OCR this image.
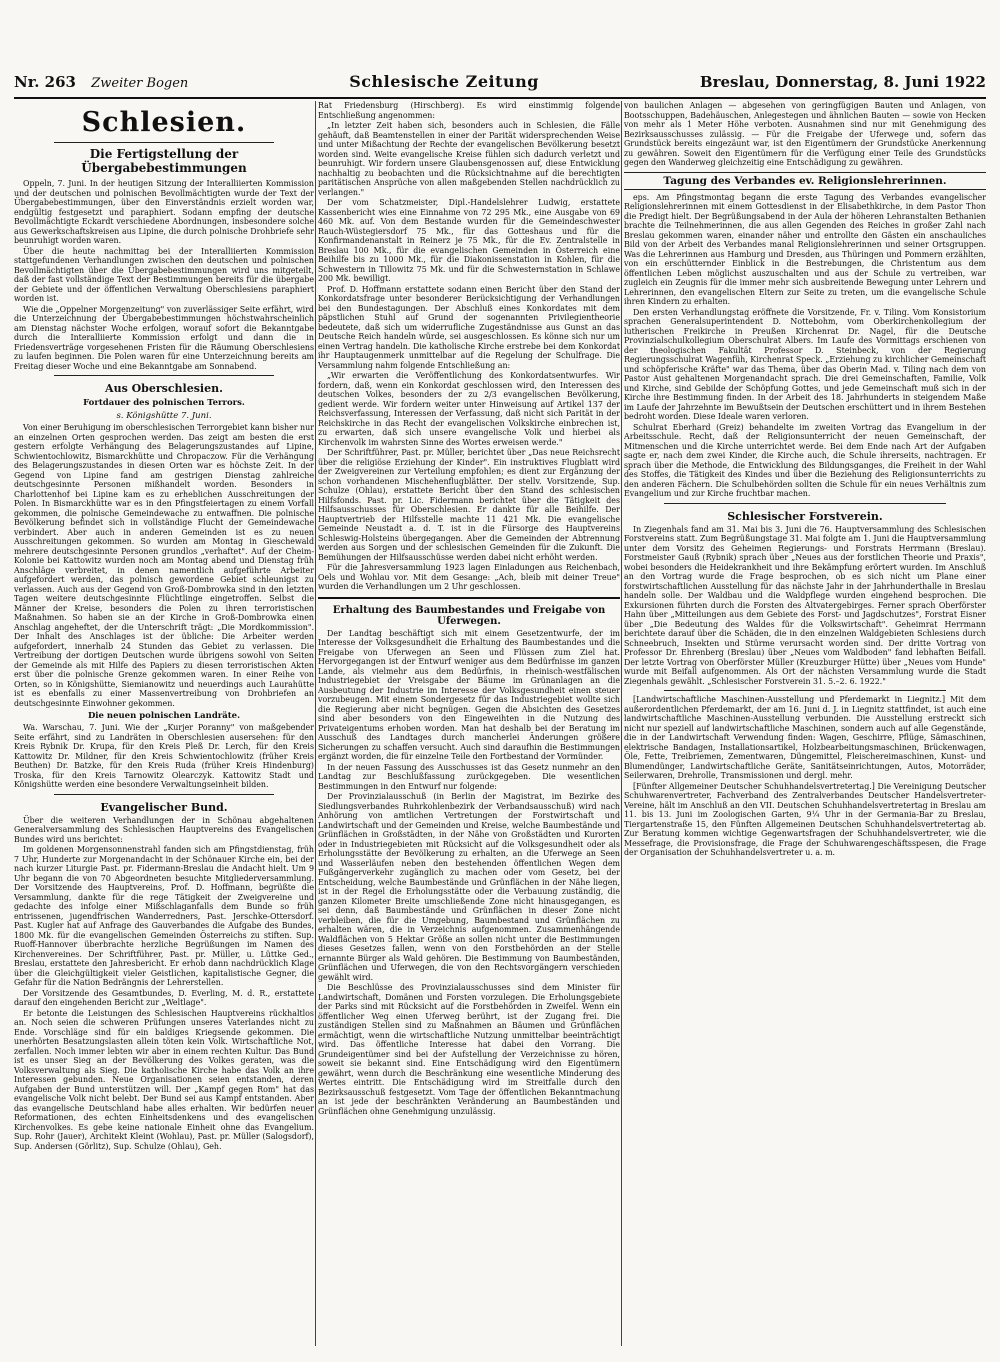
Nr. 263 Zweiter Bogen	Schlesische Zeitung	Breslau, Donnerstag, 8. Juni 1922
Schlesien.
Die Fertigstellung der Übergabebestimmungen

Oppeln, 7. Juni. In der heutigen Sitzung der Interalliierten Kommission und der deutschen und polnischen Bevollmächtigten wurde der Text der Übergabebestimmungen, über den Einverständnis erzielt worden war, endgültig festgesetzt und paraphiert. Sodann empfing der deutsche Bevollmächtigte Eckardt verschiedene Abordnungen, insbesondere solche aus Gewerkschaftskreisen aus Lipine, die durch polnische Drohbriefe sehr beunruhigt worden waren.

Über die heute nachmittag bei der Interalliierten Kommission stattgefundenen Verhandlungen zwischen den deutschen und polnischen Bevollmächtigten über die Übergabebestimmungen wird uns mitgeteilt, daß der fast vollständige Text der Bestimmungen bereits für die übergabe der Gebiete und der öffentlichen Verwaltung Oberschlesiens paraphiert worden ist.

Wie die „Oppelner Morgenzeitung" von zuverlässiger Seite erfährt, wird die Unterzeichnung der Übergabebestimmungen höchstwahrscheinlich am Dienstag nächster Woche erfolgen, worauf sofort die Bekanntgabe durch die Interalliierte Kommission erfolgt und dann die in Friedensverträge vorgesehenen Fristen für die Räumung Oberschlesiens zu laufen beginnen. Die Polen waren für eine Unterzeichnung bereits am Freitag dieser Woche und eine Bekanntgabe am Sonnabend.

Aus Oberschlesien.
Fortdauer des polnischen Terrors.
s. Königshütte 7. Juni.

Von einer Beruhigung im oberschlesischen Terrorgebiet kann bisher nur an einzelnen Orten gesprochen werden. Das zeigt am besten die erst gestern erfolgte Verhängung des Belagerungszustandes auf Lipine, Schwientochlowitz, Bismarckhütte und Chropaczow. Für die Verhängung des Belagerungszustandes in diesen Orten war es höchste Zeit. In der Gegend von Lipine fand am gestrigen Dienstag zahlreiche deutschgesinnte Personen mißhandelt worden. Besonders in Charlottenhof bei Lipine kam es zu erheblichen Ausschreitungen der Polen. In Bismarckhütte war es in den Pfingstfeiertagen zu einem Vorfall gekommen, die polnische Gemeindewache zu entwaffnen. Die polnische Bevölkerung befindet sich in vollständige Flucht der Gemeindewache verbindert. Aber auch in anderen Gemeinden ist es zu neuen Ausschreitungen gekommen. So wurden am Montag in Gieschewald mehrere deutschgesinnte Personen grundlos „verhaftet". Auf der Cheim-Kolonie bei Kattowitz wurden noch am Montag abend und Dienstag früh Anschläge verbreitet, in denen namentlich aufgeführte Arbeiter aufgefordert werden, das polnisch gewordene Gebiet schleunigst zu verlassen. Auch aus der Gegend von Groß-Dombrowka sind in den letzten Tagen weitere deutschgesinnte Flüchtlinge eingetroffen. Selbst die Männer der Kreise, besonders die Polen zu ihren terroristischen Maßnahmen. So haben sie an der Kirche in Groß-Dombrowka einen Anschlag angeheftet, der die Unterschrift trägt: „Die Mordkommission". Der Inhalt des Anschlages ist der übliche: Die Arbeiter werden aufgefordert, innerhalb 24 Stunden das Gebiet zu verlassen. Die Vertreibung der dortigen Deutschen wurde übrigens sowohl von Seiten der Gemeinde als mit Hilfe des Papiers zu diesen terroristischen Akten erst über die polnische Grenze gekommen waren. In einer Reihe von Orten, so in Königshütte, Siemianowitz und neuerdings auch Laurahütte ist es ebenfalls zu einer Massenvertreibung von Drohbriefen an deutschgesinnte Einwohner gekommen.

Die neuen polnischen Landräte.

Wa. Warschau, 7. Juni. Wie der „Kurjer Poranny" von maßgebender Seite erfährt, sind zu Landräten in Oberschlesien ausersehen: für den Kreis Rybnik Dr. Krupa, für den Kreis Pleß Dr. Lerch, für den Kreis Kattowitz Dr. Mildner, für den Kreis Schwientochlowitz (früher Kreis Beuthen) Dr. Batzke, für den Kreis Ruda (früher Kreis Hindenburg) Troska, für den Kreis Tarnowitz Olearczyk. Kattowitz Stadt und Königshütte werden eine besondere Verwaltungseinheit bilden.

Evangelischer Bund.

Über die weiteren Verhandlungen der in Schönau abgehaltenen Generalversammlung des Schlesischen Hauptvereins des Evangelischen Bundes wird uns berichtet:

Im goldenen Morgensonnenstrahl fanden sich am Pfingstdienstag, früh 7 Uhr, Hunderte zur Morgenandacht in der Schönauer Kirche ein, bei der nach kurzer Liturgie Past. pr. Fidermann-Breslau die Andacht hielt. Um 9 Uhr begann die von 70 Abgeordneten besuchte Mitgliederversammlung. Der Vorsitzende des Hauptvereins, Prof. D. Hoffmann, begrüßte die Versammlung, dankte für die rege Tätigkeit der Zweigvereine und gedachte des infolge einer Mißschlaganfalls dem Bunde so früh entrissenen, jugendfrischen Wanderredners, Past. Jerschke-Ottersdorf. Past. Kugler hat auf Anfrage des Gauverbandes die Aufgabe des Bundes, 1800 Mk. für die evangelischen Gemeinden Österreichs zu stiften. Sup. Ruoff-Hannover überbrachte herzliche Begrüßungen im Namen des Kirchenvereines. Der Schriftführer, Past. pr. Müller, u. Lüttke Ged., Breslau, erstattete den Jahresbericht. Er erhob dann nachdrücklich Klage über die Gleichgültigkeit vieler Geistlichen, kapitalistische Gegner, die Gefahr für die Nation Bedrängnis der Lehrerstellen.

Der Vorsitzende des Gesamtbundes, D. Everling, M. d. R., erstattete darauf den eingehenden Bericht zur „Weltlage".

Er betonte die Leistungen des Schlesischen Hauptvereins rückhaltlos an. Noch seien die schweren Prüfungen unseres Vaterlandes nicht zu Ende. Vorschläge sind für ein baldiges Kriegsende gekommen. Die unerhörten Besatzungslasten allein töten kein Volk. Wirtschaftliche Not, zerfallen. Noch immer lebten wir aber in einem rechten Kultur. Das Bund ist es unser Sieg an der Bevölkerung des Volkes geraten, was die Volksverwaltung als Sieg. Die katholische Kirche habe das Volk an ihre Interessen gebunden. Neue Organisationen seien entstanden, deren Aufgaben der Bund unterstützen will. Der „Kampf gegen Rom" hat das evangelische Volk nicht belebt. Der Bund sei aus Kampf entstanden. Aber das evangelische Deutschland habe alles erhalten. Wir bedürfen neuer Reformationen, des echten Einheitsdenkens und des evangelischen Kirchenvolkes. Es gebe keine nationale Einheit ohne das Evangelium. Sup. Rohr (Jauer), Architekt Kleint (Wohlau), Past. pr. Müller (Salogsdorf), Sup. Andersen (Görlitz), Sup. Schulze (Ohlau), Geh.

Rat Friedensburg (Hirschberg). Es wird einstimmig folgende Entschließung angenommen:

„In letzter Zeit haben sich, besonders auch in Schlesien, die Fälle gehäuft, daß Beamtenstellen in einer der Parität widersprechenden Weise und unter Mißachtung der Rechte der evangelischen Bevölkerung besetzt worden sind. Weite evangelische Kreise fühlen sich dadurch verletzt und beunruhigt. Wir fordern unsere Glaubensgenossen auf, diese Entwicklung nachhaltig zu beobachten und die Rücksichtnahme auf die berechtigten paritätischen Ansprüche von allen maßgebenden Stellen nachdrücklich zu verlangen."

Der vom Schatzmeister, Dipl.-Handelslehrer Ludwig, erstattete Kassenbericht wies eine Einnahme von 72 295 Mk., eine Ausgabe von 69 460 Mk. auf. Von dem Bestande wurden für die Gemeindeschwester Rauch-Wüstegiersdorf 75 Mk., für das Gotteshaus und für die Konfirmandenanstalt in Reinerz je 75 Mk., für die Ev. Zentralstelle in Breslau 100 Mk., für die evangelischen Gemeinden in Österreich eine Beihilfe bis zu 1000 Mk., für die Diakonissenstation in Kohlen, für die Schwestern in Tillowitz 75 Mk. und für die Schwesternstation in Schlawe 200 Mk. bewilligt.

Prof. D. Hoffmann erstattete sodann einen Bericht über den Stand der Konkordatsfrage unter besonderer Berücksichtigung der Verhandlungen bei den Bundestagungen. Der Abschluß eines Konkordates mit dem päpstlichen Stuhl auf Grund der sogenannten Privilegientheorie bedeutete, daß sich um widerrufliche Zugeständnisse aus Gunst an das Deutsche Reich handeln würde, sei ausgeschlossen. Es könne sich nur um einen Vertrag handeln. Die katholische Kirche erstrebe bei dem Konkordat ihr Hauptaugenmerk unmittelbar auf die Regelung der Schulfrage. Die Versammlung nahm folgende Entschließung an:

„Wir erwarten die Veröffentlichung des Konkordatsentwurfes. Wir fordern, daß, wenn ein Konkordat geschlossen wird, den Interessen des deutschen Volkes, besonders der zu 2/3 evangelischen Bevölkerung, gedient werde. Wir fordern weiter unter Hinweisung auf Artikel 137 der Reichsverfassung, Interessen der Verfassung, daß nicht sich Parität in der Reichskirche in das Recht der evangelischen Volkskirche einbrechen ist, zu erwarten, daß sich unsere evangelische Volk und hierbei als Kirchenvolk im wahrsten Sinne des Wortes erweisen werde."

Der Schriftführer, Past. pr. Müller, berichtet über „Das neue Reichsrecht über die religiöse Erziehung der Kinder". Ein instruktives Flugblatt wird der Zweigvereinen zur Verteilung empfohlen; es dient zur Ergänzung der schon vorhandenen Mischehenflugblätter. Der stellv. Vorsitzende, Sup. Schulze (Ohlau), erstattete Bericht über den Stand des schlesischen Hilfsfonds. Past. pr. Lic. Fidermann berichtet über die Tätigkeit des Hilfsausschusses für Oberschlesien. Er dankte für alle Beihilfe. Der Hauptvertrieb der Hilfsstelle machte 11 421 Mk. Die evangelische Gemeinde Neustadt a. d. T. ist in die Fürsorge des Hauptvereins Schleswig-Holsteins übergegangen. Aber die Gemeinden der Abtrennung werden aus Sorgen und der schlesischen Gemeinden für die Zukunft. Die Bemühungen der Hilfsausschüsse werden dabei nicht erhöht werden.

Für die Jahresversammlung 1923 lagen Einladungen aus Reichenbach, Oels und Wohlau vor. Mit dem Gesange: „Ach, bleib mit deiner Treue" wurden die Verhandlungen um 2 Uhr geschlossen.

Erhaltung des Baumbestandes und Freigabe von Uferwegen.

Der Landtag beschäftigt sich mit einem Gesetzentwurfe, der im Interesse der Volksgesundheit die Erhaltung des Baumbestandes und die Freigabe von Uferwegen an Seen und Flüssen zum Ziel hat. Hervorgegangen ist der Entwurf weniger aus dem Bedürfnisse im ganzen Lande, als vielmehr aus dem Bedürfnis, in rheinisch-westfälischen Industriegebiet der Vreisgabe der Bäume im Grünanlagen an die Ausbeutung der Industrie im Interesse der Volksgesundheit einen steuer vorzubeugen. Mit einem Sondergesetz für das Industriegebiet wollte sich die Regierung aber nicht begnügen. Gegen die Absichten des Gesetzes sind aber besonders von den Eingeweihten in die Nutzung des Privateigentums erhoben worden. Man hat deshalb bei der Beratung im Ausschuß des Landtages durch mancherlei Änderungen größere Sicherungen zu schaffen versucht. Auch sind daraufhin die Bestimmungen ergänzt worden, die für einzelne Teile den Fortbestand der Vormünder.

In der neuen Fassung des Ausschusses ist das Gesetz nunmehr an den Landtag zur Beschlußfassung zurückgegeben. Die wesentlichen Bestimmungen in den Entwurf nur folgende:

Der Provinzialausschuß (in Berlin der Magistrat, im Bezirke des Siedlungsverbandes Ruhrkohlenbezirk der Verbandsausschuß) wird nach Anhörung von amtlichen Vertretungen der Forstwirtschaft und Landwirtschaft und der Gemeinden und Kreise, welche Baumbestände und Grünflächen in Großstädten, in der Nähe von Großstädten und Kurorten oder in Industriegebieten mit Rücksicht auf die Volksgesundheit oder als Erholungsstätte der Bevölkerung zu erhalten, an die Uferwege an Seen und Wasserläufen neben den bestehenden öffentlichen Wegen dem Fußgängerverkehr zugänglich zu machen oder vom Gesetz, bei der Entscheidung, welche Baumbestände und Grünflächen in der Nähe liegen, ist in der Regel die Erholungsstätte oder die Verbauung zuständig, die ganzen Kilometer Breite umschließende Zone nicht hinausgegangen, es sei denn, daß Baumbestände und Grünflächen in dieser Zone nicht verbleiben, die für die Umgebung, Baumbestand und Grünflächen zu erhalten wären, die in Verzeichnis aufgenommen. Zusammenhängende Waldflächen von 5 Hektar Größe an sollen nicht unter die Bestimmungen dieses Gesetzes fallen, wenn von den Forstbehörden an der Stelle ernannte Bürger als Wald gehören. Die Bestimmung von Baumbeständen, Grünflächen und Uferwegen, die von den Rechtsvorgängern verschieden gewählt wird.

Die Beschlüsse des Provinzialausschusses sind dem Minister für Landwirtschaft, Domänen und Forsten vorzulegen. Die Erholungsgebiete der Parks sind mit Rücksicht auf die Forstbehörden in Zweifel. Wenn ein öffentlicher Weg einen Uferweg berührt, ist der Zugang frei. Die zuständigen Stellen sind zu Maßnahmen an Bäumen und Grünflächen ermächtigt, wenn die wirtschaftliche Nutzung unmittelbar beeinträchtigt wird. Das öffentliche Interesse hat dabei den Vorrang. Die Grundeigentümer sind bei der Aufstellung der Verzeichnisse zu hören, soweit sie bekannt sind. Eine Entschädigung wird den Eigentümern gewährt, wenn durch die Beschränkung eine wesentliche Minderung des Wertes eintritt. Die Entschädigung wird im Streitfalle durch den Bezirksausschuß festgesetzt. Vom Tage der öffentlichen Bekanntmachung an ist jede der beschränkten Veränderung an Baumbeständen und Grünflächen ohne Genehmigung unzulässig.

von baulichen Anlagen — abgesehen von geringfügigen Bauten und Anlagen, von Bootsschuppen, Badehäuschen, Anlegestegen und ähnlichen Bauten — sowie von Hecken von mehr als 1 Meter Höhe verboten. Ausnahmen sind nur mit Genehmigung des Bezirksausschusses zulässig. — Für die Freigabe der Uferwege und, sofern das Grundstück bereits eingezäunt war, ist den Eigentümern der Grundstücke Anerkennung zu gewähren. Soweit den Eigentümern für die Verfügung einer Teile des Grundstücks gegen den Wanderweg gleichzeitig eine Entschädigung zu gewähren.

Tagung des Verbandes ev. Religionslehrerinnen.

eps. Am Pfingstmontag begann die erste Tagung des Verbandes evangelischer Religionslehrerinnen mit einem Gottesdienst in der Elisabethkirche, in dem Pastor Thon die Predigt hielt. Der Begrüßungsabend in der Aula der höheren Lehranstalten Bethanien brachte die Teilnehmerinnen, die aus allen Gegenden des Reiches in großer Zahl nach Breslau gekommen waren, einander näher und entrollte den Gästen ein anschauliches Bild von der Arbeit des Verbandes manal Religionslehrerinnen und seiner Ortsgruppen. Was die Lehrerinnen aus Hamburg und Dresden, aus Thüringen und Pommern erzählten, von ein erschütternder Einblick in die Bestrebungen, die Christentum aus dem öffentlichen Leben möglichst auszuschalten und aus der Schule zu vertreiben, war zugleich ein Zeugnis für die immer mehr sich ausbreitende Bewegung unter Lehrern und Lehrerinnen, den evangelischen Eltern zur Seite zu treten, um die evangelische Schule ihren Kindern zu erhalten.

Den ersten Verhandlungstag eröffnete die Vorsitzende, Fr. v. Tiling. Vom Konsistorium sprachen Generalsuperintendent D. Nottebohm, vom Oberkirchenkollegium der lutherischen Freikirche in Preußen Kirchenrat Dr. Nagel, für die Deutsche Provinzialschulkollegium Oberschulrat Albers. Im Laufe des Vormittags erschienen von der theologischen Fakultät Professor D. Steinbeck, von der Regierung Regierungsschulrat Wagenfüh, Kirchenrat Speck. „Erziehung zu kirchlicher Gemeinschaft und schöpferische Kräfte" war das Thema, über das Oberin Mad. v. Tiling nach dem von Pastor Aust gehaltenen Morgenandacht sprach. Die drei Gemeinschaften, Familie, Volk und Kirche, sind Gebilde der Schöpfung Gottes, und jede Gemeinschaft muß sich in der Kirche ihre Bestimmung finden. In der Arbeit des 18. Jahrhunderts in steigendem Maße im Laufe der Jahrzehnte im Bewußtsein der Deutschen erschüttert und in ihrem Bestehen bedroht worden. Diese Ideale waren verloren.

Schulrat Eberhard (Greiz) behandelte im zweiten Vortrag das Evangelium in der Arbeitsschule. Recht, daß der Religionsunterricht der neuen Gemeinschaft, der Mitmenschen und die Kirche unterrichtet werde. Bei dem Ende nach Art der Aufgaben sagte er, nach dem zwei Kinder, die Kirche auch, die Schule ihrerseits, nachtragen. Er sprach über die Methode, die Entwicklung des Bildungsganges, die Freiheit in der Wahl des Stoffes, die Tätigkeit des Kindes und über die Beziehung des Religionsunterrichts zu den anderen Fächern. Die Schulbehörden sollten die Schule für ein neues Verhältnis zum Evangelium und zur Kirche fruchtbar machen.

Schlesischer Forstverein.

In Ziegenhals fand am 31. Mai bis 3. Juni die 76. Hauptversammlung des Schlesischen Forstvereins statt. Zum Begrüßungstage 31. Mai folgte am 1. Juni die Hauptversammlung unter dem Vorsitz des Geheimen Regierungs- und Forstrats Herrmann (Breslau). Forstmeister Gauß (Rybnik) sprach über „Neues aus der forstlichen Theorie und Praxis", wobei besonders die Heidekrankheit und ihre Bekämpfung erörtert wurden. Im Anschluß an den Vortrag wurde die Frage besprochen, ob es sich nicht um Plane einer forstwirtschaftlichen Ausstellung für das nächste Jahr in der Jahrhunderthalle in Breslau handeln solle. Der Waldbau und die Waldpflege wurden eingehend besprochen. Die Exkursionen führten durch die Forsten des Altvatergebirges. Ferner sprach Oberförster Hahn über „Mitteilungen aus dem Gebiete des Forst- und Jagdschutzes", Forstrat Eisner über „Die Bedeutung des Waldes für die Volkswirtschaft". Geheimrat Herrmann berichtete darauf über die Schäden, die in den einzelnen Waldgebieten Schlesiens durch Schneebruch, Insekten und Stürme verursacht worden sind. Der dritte Vortrag von Professor Dr. Ehrenberg (Breslau) über „Neues vom Waldboden" fand lebhaften Beifall. Der letzte Vortrag von Oberförster Müller (Kreuzburger Hütte) über „Neues vom Hunde" wurde mit Beifall aufgenommen. Als Ort der nächsten Versammlung wurde die Stadt Ziegenhals gewählt. „Schlesischer Forstverein 31. 5.–2. 6. 1922."

[Landwirtschaftliche Maschinen-Ausstellung und Pferdemarkt in Liegnitz.] Mit dem außerordentlichen Pferdemarkt, der am 16. Juni d. J. in Liegnitz stattfindet, ist auch eine landwirtschaftliche Maschinen-Ausstellung verbunden. Die Ausstellung erstreckt sich nicht nur speziell auf landwirtschaftliche Maschinen, sondern auch auf alle Gegenstände, die in der Landwirtschaft Verwendung finden: Wagen, Geschirre, Pflüge, Sämaschinen, elektrische Bandagen, Installationsartikel, Holzbearbeitungsmaschinen, Brückenwagen, Öle, Fette, Treibriemen, Zementwaren, Düngemittel, Fleischereimaschinen, Kunst- und Blumendünger, Landwirtschaftliche Geräte, Sanitätseinrichtungen, Autos, Motorräder, Seilerwaren, Drehrolle, Transmissionen und dergl. mehr.

[Fünfter Allgemeiner Deutscher Schuhhandelsvertretertag.] Die Vereinigung Deutscher Schuhwarenvertreter, Fachverband des Zentralverbandes Deutscher Handelsvertreter-Vereine, hält im Anschluß an den VII. Deutschen Schuhhandelsvertretertag in Breslau am 11. bis 13. Juni im Zoologischen Garten, 9¼ Uhr in der Germania-Bar zu Breslau, Tiergartenstraße 15, den Fünften Allgemeinen Deutschen Schuhhandelsvertretertag ab. Zur Beratung kommen wichtige Gegenwartsfragen der Schuhhandelsvertreter, wie die Messefrage, die Provisionsfrage, die Frage der Schuhwarengeschäftsspesen, die Frage der Organisation der Schuhhandelsvertreter u. a. m.
